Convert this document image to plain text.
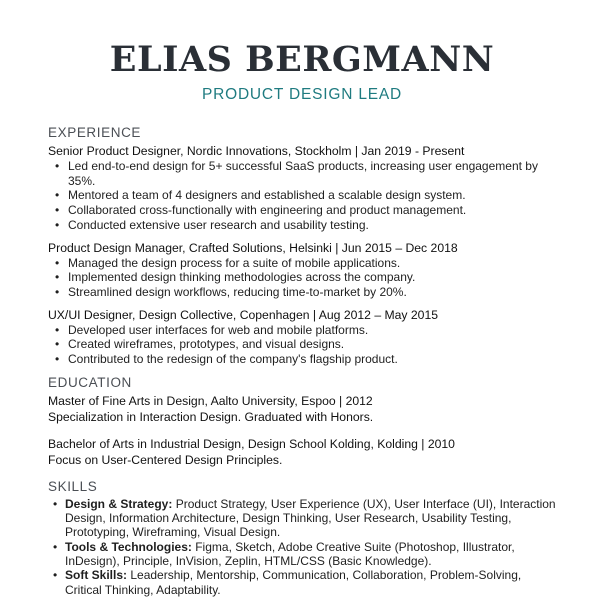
ELIAS BERGMANN
PRODUCT DESIGN LEAD
EXPERIENCE
Senior Product Designer, Nordic Innovations, Stockholm | Jan 2019 - Present
• Led end-to-end design for 5+ successful SaaS products, increasing user engagement by 35%.
• Mentored a team of 4 designers and established a scalable design system.
• Collaborated cross-functionally with engineering and product management.
• Conducted extensive user research and usability testing.
Product Design Manager, Crafted Solutions, Helsinki | Jun 2015 – Dec 2018
• Managed the design process for a suite of mobile applications.
• Implemented design thinking methodologies across the company.
• Streamlined design workflows, reducing time-to-market by 20%.
UX/UI Designer, Design Collective, Copenhagen | Aug 2012 – May 2015
• Developed user interfaces for web and mobile platforms.
• Created wireframes, prototypes, and visual designs.
• Contributed to the redesign of the company's flagship product.
EDUCATION
Master of Fine Arts in Design, Aalto University, Espoo | 2012
Specialization in Interaction Design. Graduated with Honors.
Bachelor of Arts in Industrial Design, Design School Kolding, Kolding | 2010
Focus on User-Centered Design Principles.
SKILLS
• Design & Strategy: Product Strategy, User Experience (UX), User Interface (UI), Interaction Design, Information Architecture, Design Thinking, User Research, Usability Testing, Prototyping, Wireframing, Visual Design.
• Tools & Technologies: Figma, Sketch, Adobe Creative Suite (Photoshop, Illustrator, InDesign), Principle, InVision, Zeplin, HTML/CSS (Basic Knowledge).
• Soft Skills: Leadership, Mentorship, Communication, Collaboration, Problem-Solving, Critical Thinking, Adaptability.
